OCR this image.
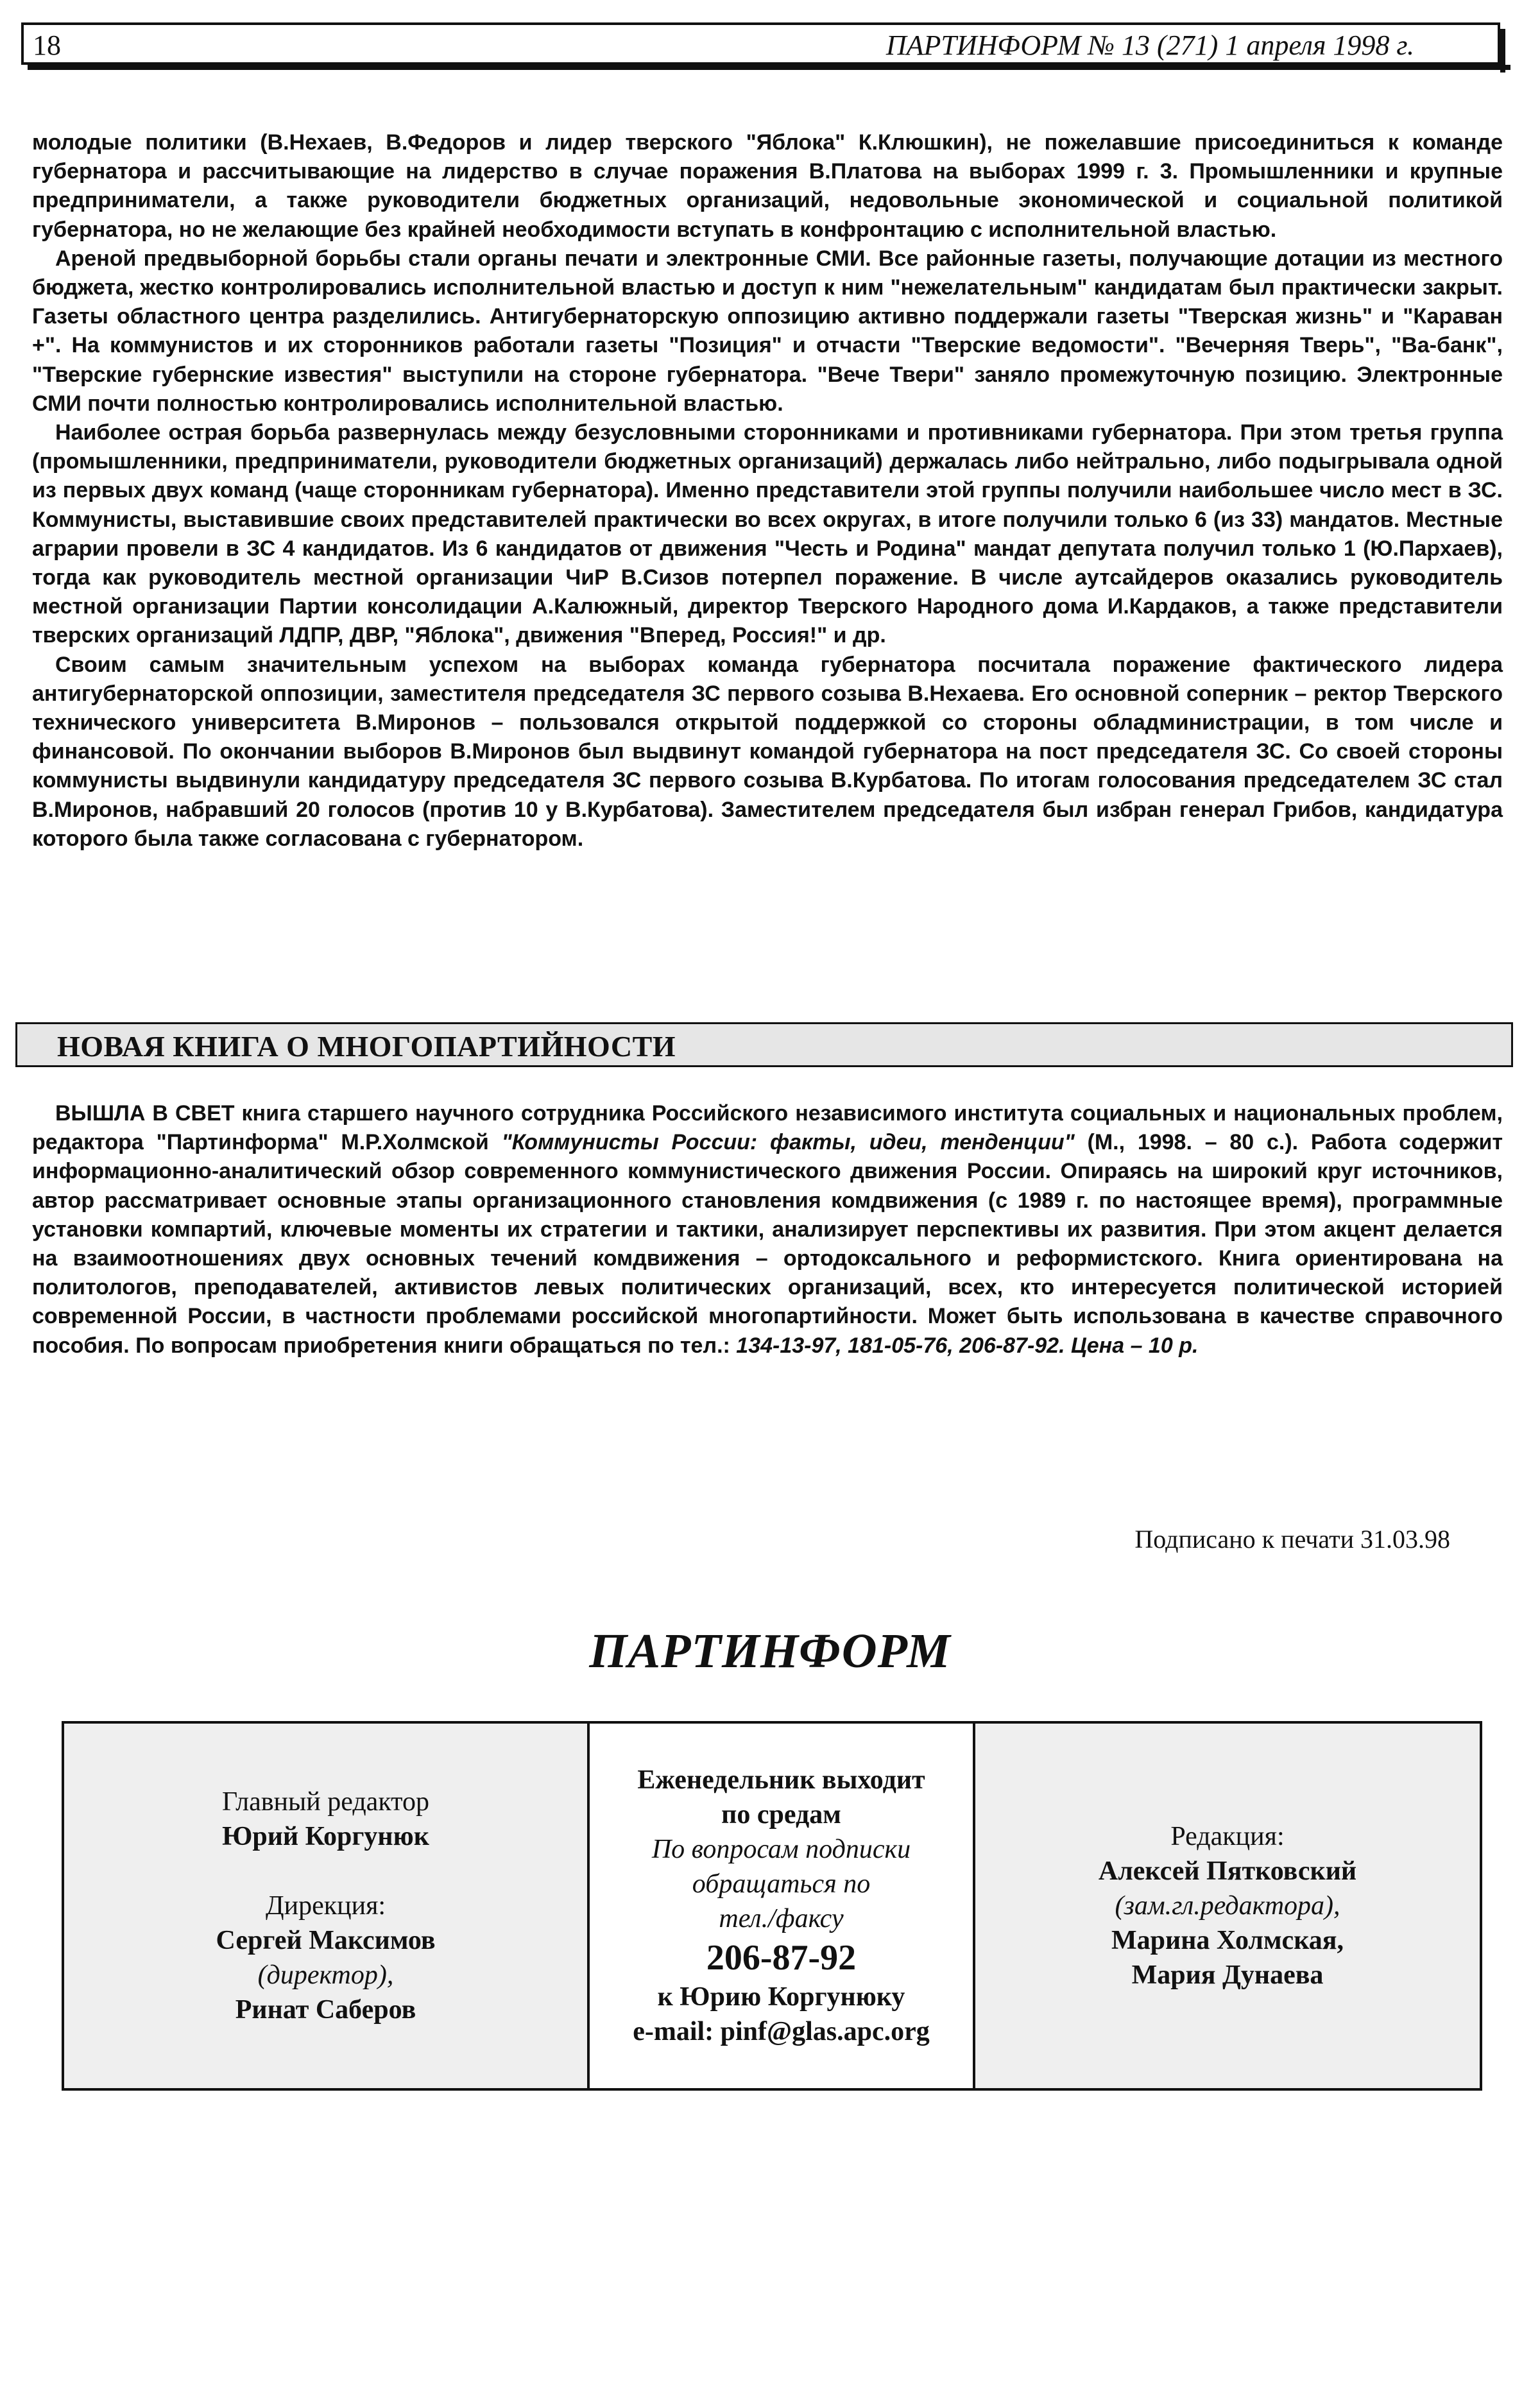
18	ПАРТИНФОРМ № 13 (271) 1 апреля 1998 г.

молодые политики (В.Нехаев, В.Федоров и лидер тверского "Яблока" К.Клюшкин), не пожелавшие присоединиться к команде губернатора и рассчитывающие на лидерство в случае поражения В.Платова на выборах 1999 г. 3. Промышленники и крупные предприниматели, а также руководители бюджетных организаций, недовольные экономической и социальной политикой губернатора, но не желающие без крайней необходимости вступать в конфронтацию с исполнительной властью.

Ареной предвыборной борьбы стали органы печати и электронные СМИ. Все районные газеты, получающие дотации из местного бюджета, жестко контролировались исполнительной властью и доступ к ним "нежелательным" кандидатам был практически закрыт. Газеты областного центра разделились. Антигубернаторскую оппозицию активно поддержали газеты "Тверская жизнь" и "Караван +". На коммунистов и их сторонников работали газеты "Позиция" и отчасти "Тверские ведомости". "Вечерняя Тверь", "Ва-банк", "Тверские губернские известия" выступили на стороне губернатора. "Вече Твери" заняло промежуточную позицию. Электронные СМИ почти полностью контролировались исполнительной властью.

Наиболее острая борьба развернулась между безусловными сторонниками и противниками губернатора. При этом третья группа (промышленники, предприниматели, руководители бюджетных организаций) держалась либо нейтрально, либо подыгрывала одной из первых двух команд (чаще сторонникам губернатора). Именно представители этой группы получили наибольшее число мест в ЗС. Коммунисты, выставившие своих представителей практически во всех округах, в итоге получили только 6 (из 33) мандатов. Местные аграрии провели в ЗС 4 кандидатов. Из 6 кандидатов от движения "Честь и Родина" мандат депутата получил только 1 (Ю.Пархаев), тогда как руководитель местной организации ЧиР В.Сизов потерпел поражение. В числе аутсайдеров оказались руководитель местной организации Партии консолидации А.Калюжный, директор Тверского Народного дома И.Кардаков, а также представители тверских организаций ЛДПР, ДВР, "Яблока", движения "Вперед, Россия!" и др.

Своим самым значительным успехом на выборах команда губернатора посчитала поражение фактического лидера антигубернаторской оппозиции, заместителя председателя ЗС первого созыва В.Нехаева. Его основной соперник – ректор Тверского технического университета В.Миронов – пользовался открытой поддержкой со стороны обладминистрации, в том числе и финансовой. По окончании выборов В.Миронов был выдвинут командой губернатора на пост председателя ЗС. Со своей стороны коммунисты выдвинули кандидатуру председателя ЗС первого созыва В.Курбатова. По итогам голосования председателем ЗС стал В.Миронов, набравший 20 голосов (против 10 у В.Курбатова). Заместителем председателя был избран генерал Грибов, кандидатура которого была также согласована с губернатором.

НОВАЯ КНИГА О МНОГОПАРТИЙНОСТИ

ВЫШЛА В СВЕТ книга старшего научного сотрудника Российского независимого института социальных и национальных проблем, редактора "Партинформа" М.Р.Холмской "Коммунисты России: факты, идеи, тенденции" (М., 1998. – 80 с.). Работа содержит информационно-аналитический обзор современного коммунистического движения России. Опираясь на широкий круг источников, автор рассматривает основные этапы организационного становления комдвижения (с 1989 г. по настоящее время), программные установки компартий, ключевые моменты их стратегии и тактики, анализирует перспективы их развития. При этом акцент делается на взаимоотношениях двух основных течений комдвижения – ортодоксального и реформистского. Книга ориентирована на политологов, преподавателей, активистов левых политических организаций, всех, кто интересуется политической историей современной России, в частности проблемами российской многопартийности. Может быть использована в качестве справочного пособия. По вопросам приобретения книги обращаться по тел.: 134-13-97, 181-05-76, 206-87-92. Цена – 10 р.

Подписано к печати 31.03.98
ПАРТИНФОРМ
Главный редактор
Юрий Коргунюк
Дирекция:
Сергей Максимов
(директор),
Ринат Саберов
Еженедельник выходит
по средам
По вопросам подписки
обращаться по
тел./факсу
206-87-92
к Юрию Коргунюку
e-mail: pinf@glas.apc.org
Редакция:
Алексей Пятковский
(зам.гл.редактора),
Марина Холмская,
Мария Дунаева
